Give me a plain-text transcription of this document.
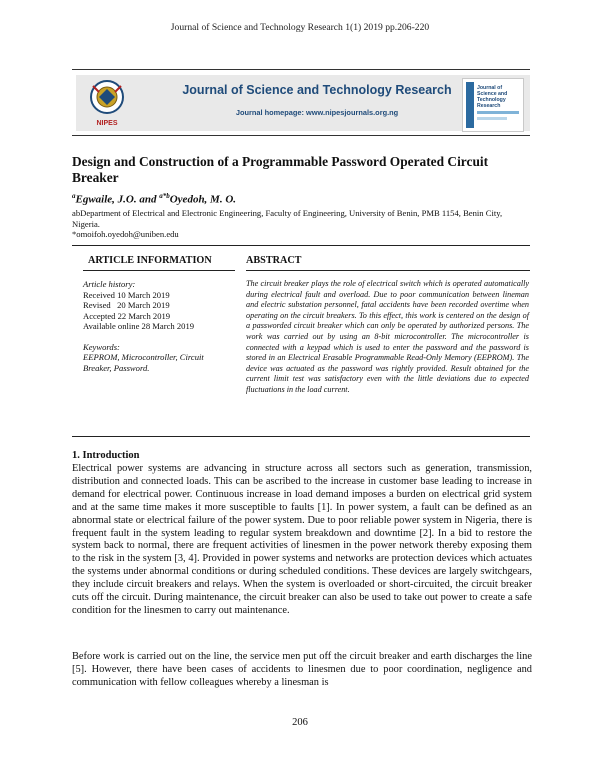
Journal of Science and Technology Research 1(1) 2019 pp.206-220
NIPES
Journal of Science and Technology Research
Journal homepage: www.nipesjournals.org.ng
Journal of
Science and
Technology
Research
Design and Construction of a Programmable Password Operated Circuit Breaker
$^a$Egwaile, J.O. and $^{a*b}$Oyedoh, M. O.
abDepartment of Electrical and Electronic Engineering, Faculty of Engineering, University of Benin, PMB 1154, Benin City, Nigeria.
*omoifoh.oyedoh@uniben.edu
ARTICLE INFORMATION	ABSTRACT
Article history:
Received 10 March 2019
Revised   20 March 2019
Accepted 22 March 2019
Available online 28 March 2019
Keywords:
EEPROM, Microcontroller, Circuit Breaker, Password.
The circuit breaker plays the role of electrical switch which is operated automatically during electrical fault and overload. Due to poor communication between lineman and electric substation personnel, fatal accidents have been recorded overtime when operating on the circuit breakers. To this effect, this work is centered on the design of a passworded circuit breaker which can only be operated by authorized persons. The work was carried out by using an 8-bit microcontroller. The microcontroller is connected with a keypad which is used to enter the password and the password is stored in an Electrical Erasable Programmable Read-Only Memory (EEPROM). The device was actuated as the password was rightly provided. Result obtained for the current limit test was satisfactory even with the little deviations due to expected fluctuations in the load current.
1. Introduction
Electrical power systems are advancing in structure across all sectors such as generation, transmission, distribution and connected loads. This can be ascribed to the increase in customer base leading to increase in demand for electrical power. Continuous increase in load demand imposes a burden on electrical grid system and at the same time makes it more susceptible to faults [1]. In power system, a fault can be defined as an abnormal state or electrical failure of the power system. Due to poor reliable power system in Nigeria, there is frequent fault in the system leading to regular system breakdown and downtime [2]. In a bid to restore the system back to normal, there are frequent activities of linesmen in the power network thereby exposing them to the risk in the system [3, 4]. Provided in power systems and networks are protection devices which actuates the systems under abnormal conditions or during scheduled conditions. These devices are largely switchgears, they include circuit breakers and relays. When the system is overloaded or short-circuited, the circuit breaker cuts off the circuit. During maintenance, the circuit breaker can also be used to take out power to create a safe condition for the linesmen to carry out maintenance.
Before work is carried out on the line, the service men put off the circuit breaker and earth discharges the line [5]. However, there have been cases of accidents to linesmen due to poor coordination, negligence and communication with fellow colleagues whereby a linesman is
206
